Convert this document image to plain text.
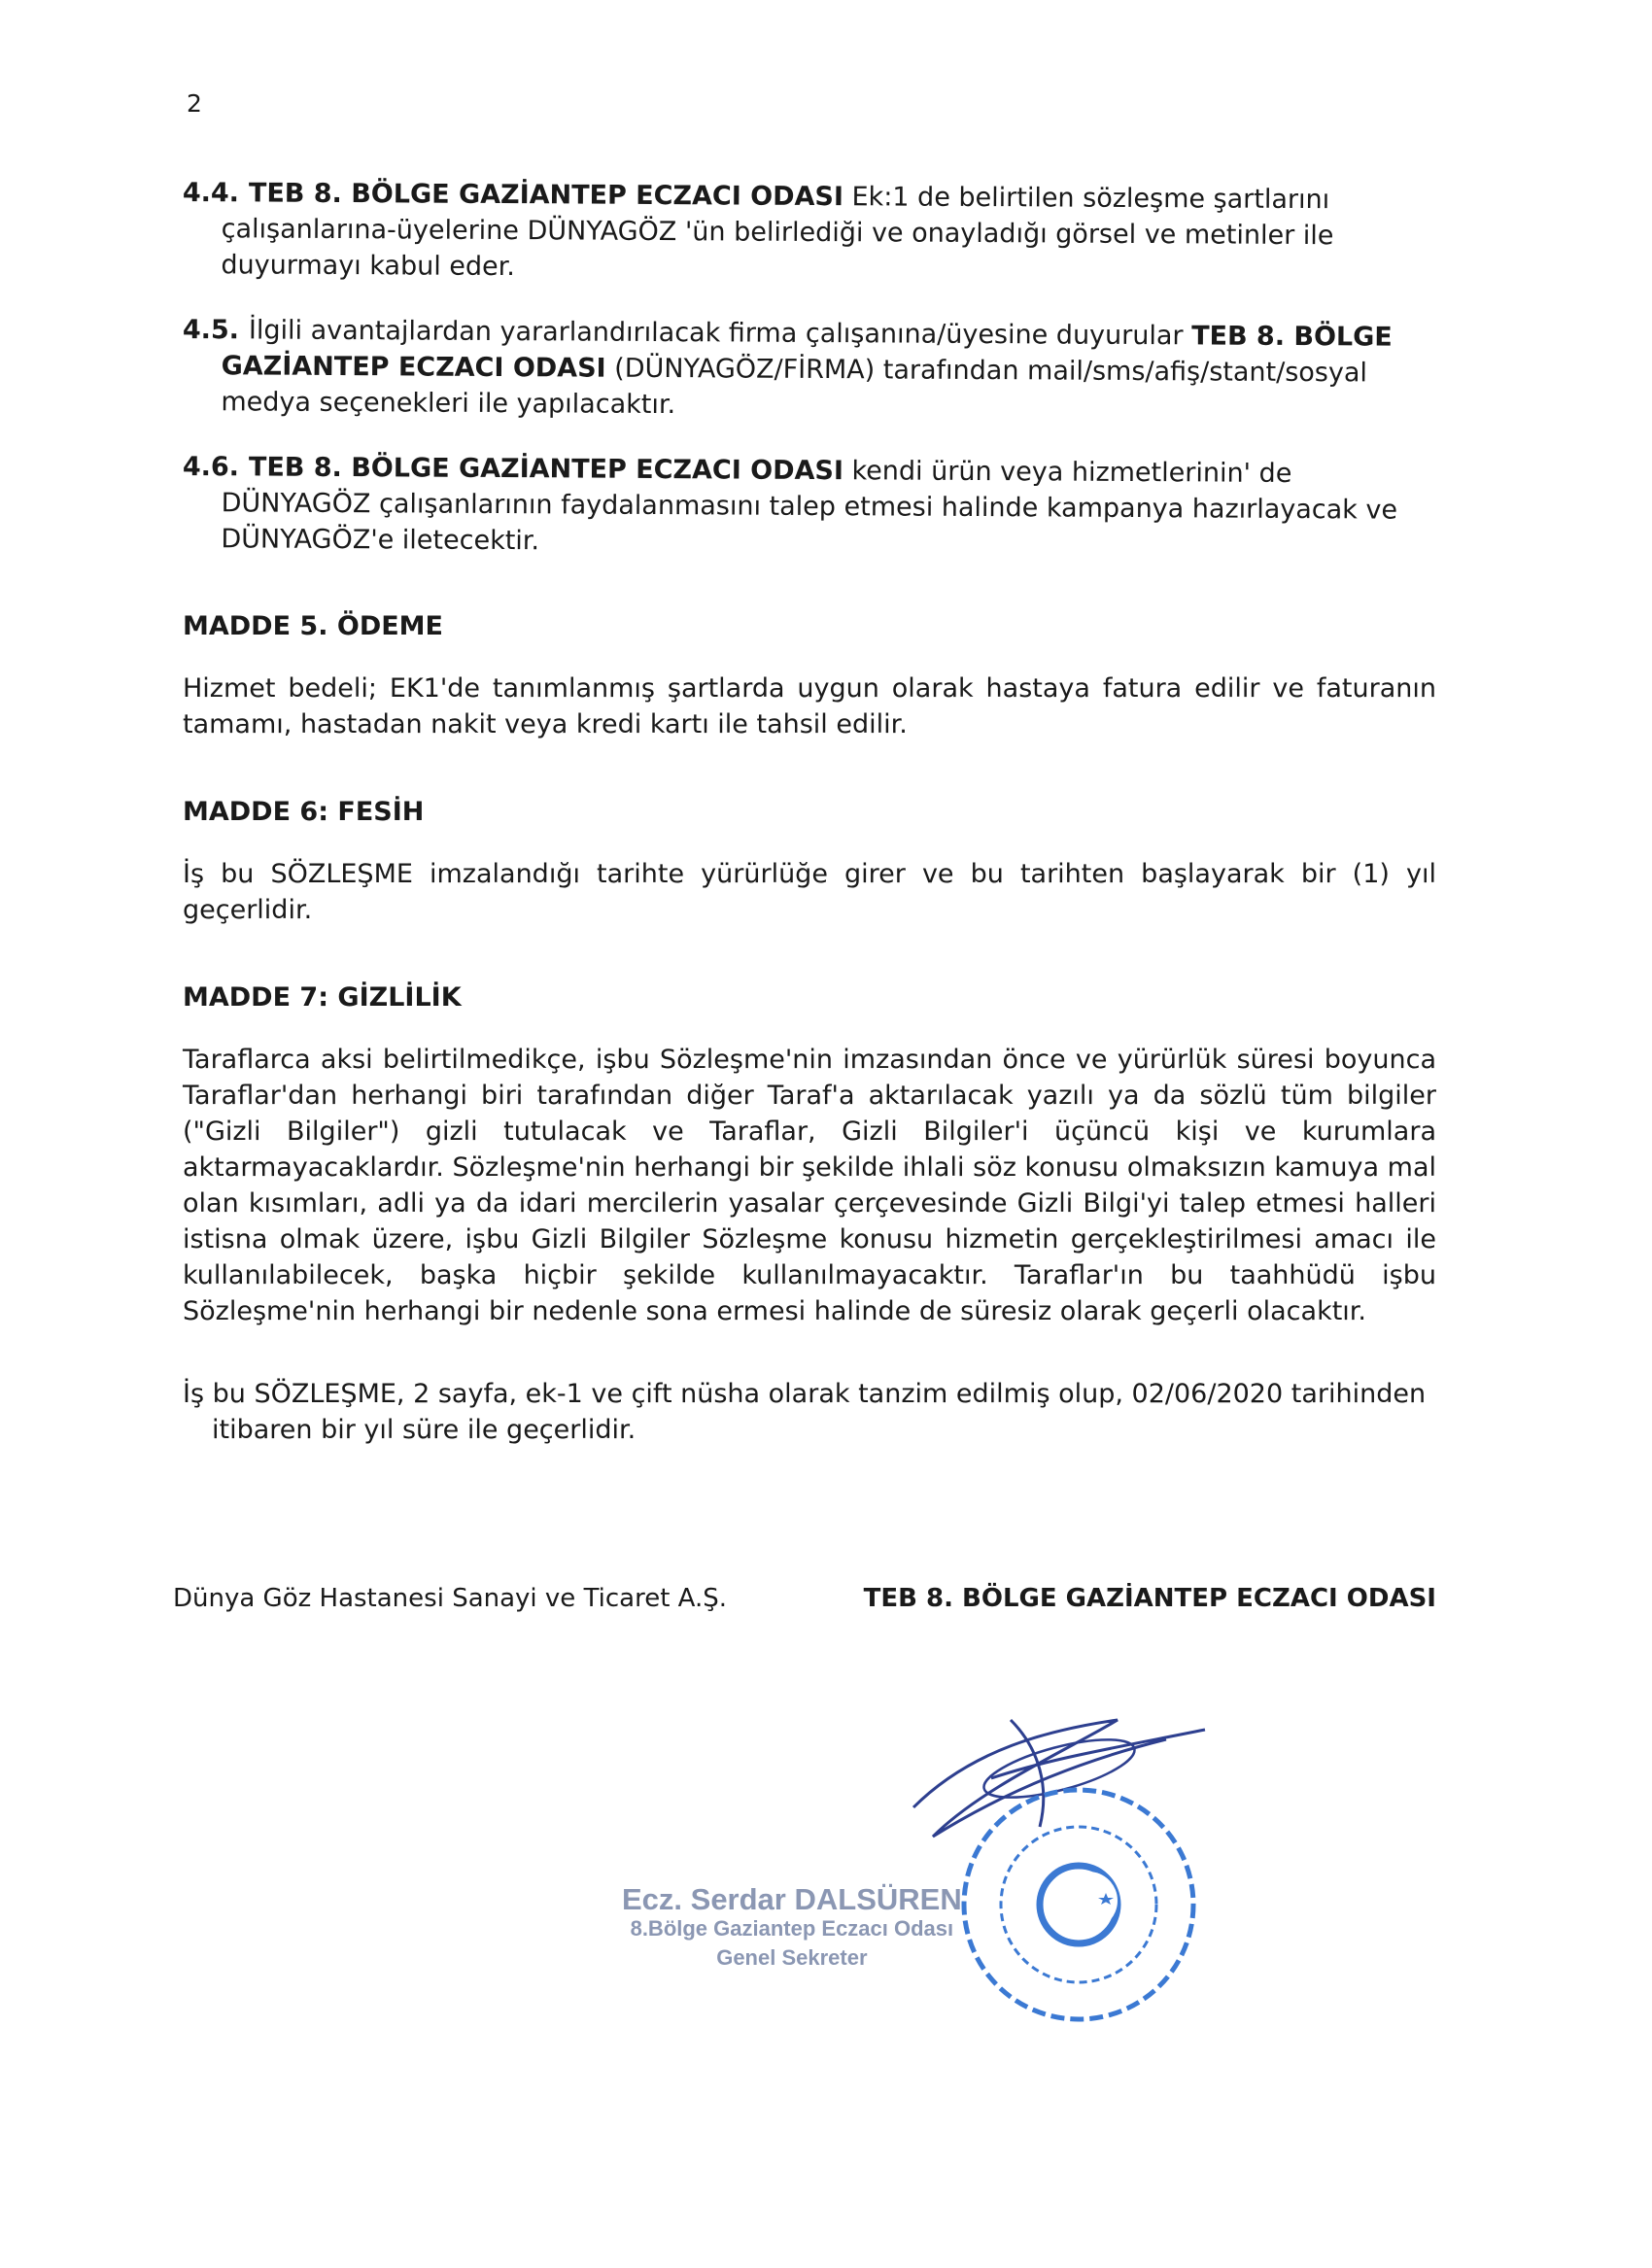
2
4.4. TEB 8. BÖLGE GAZİANTEP ECZACI ODASI Ek:1 de belirtilen sözleşme şartlarını çalışanlarına-üyelerine DÜNYAGÖZ 'ün belirlediği ve onayladığı görsel ve metinler ile duyurmayı kabul eder.
4.5. İlgili avantajlardan yararlandırılacak firma çalışanına/üyesine duyurular TEB 8. BÖLGE GAZİANTEP ECZACI ODASI (DÜNYAGÖZ/FİRMA) tarafından mail/sms/afiş/stant/sosyal medya seçenekleri ile yapılacaktır.
4.6. TEB 8. BÖLGE GAZİANTEP ECZACI ODASI kendi ürün veya hizmetlerinin' de DÜNYAGÖZ çalışanlarının faydalanmasını talep etmesi halinde kampanya hazırlayacak ve DÜNYAGÖZ'e iletecektir.
MADDE 5. ÖDEME
Hizmet bedeli; EK1'de tanımlanmış şartlarda uygun olarak hastaya fatura edilir ve faturanın tamamı, hastadan nakit veya kredi kartı ile tahsil edilir.
MADDE 6: FESİH
İş bu SÖZLEŞME imzalandığı tarihte yürürlüğe girer ve bu tarihten başlayarak bir (1) yıl geçerlidir.
MADDE 7: GİZLİLİK
Taraflarca aksi belirtilmedikçe, işbu Sözleşme'nin imzasından önce ve yürürlük süresi boyunca Taraflar'dan herhangi biri tarafından diğer Taraf'a aktarılacak yazılı ya da sözlü tüm bilgiler ("Gizli Bilgiler") gizli tutulacak ve Taraflar, Gizli Bilgiler'i üçüncü kişi ve kurumlara aktarmayacaklardır. Sözleşme'nin herhangi bir şekilde ihlali söz konusu olmaksızın kamuya mal olan kısımları, adli ya da idari mercilerin yasalar çerçevesinde Gizli Bilgi'yi talep etmesi halleri istisna olmak üzere, işbu Gizli Bilgiler Sözleşme konusu hizmetin gerçekleştirilmesi amacı ile kullanılabilecek, başka hiçbir şekilde kullanılmayacaktır. Taraflar'ın bu taahhüdü işbu Sözleşme'nin herhangi bir nedenle sona ermesi halinde de süresiz olarak geçerli olacaktır.
İş bu SÖZLEŞME, 2 sayfa, ek-1 ve çift nüsha olarak tanzim edilmiş olup, 02/06/2020 tarihinden itibaren bir yıl süre ile geçerlidir.
Dünya Göz Hastanesi Sanayi ve Ticaret A.Ş.	TEB 8. BÖLGE GAZİANTEP ECZACI ODASI
Ecz. Serdar DALSÜREN
8.Bölge Gaziantep Eczacı Odası
Genel Sekreter
